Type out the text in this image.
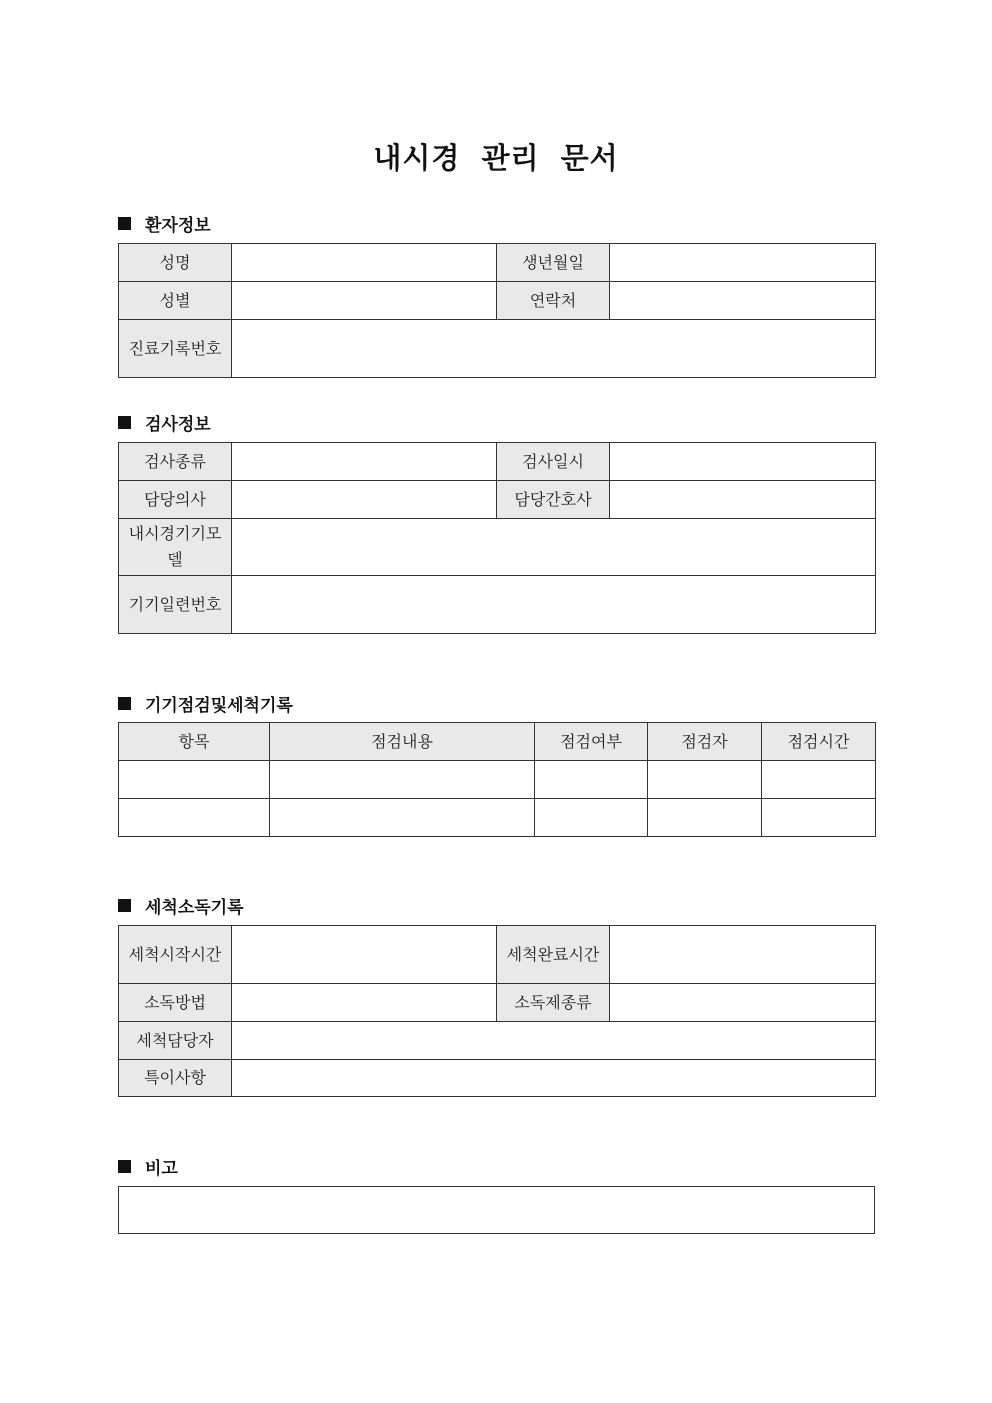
내시경 관리 문서
환자정보
성명		생년월일	
성별		연락처	
진료기록번호			
검사정보
검사종류		검사일시	
담당의사		담당간호사	
내시경기기모델			
기기일련번호			
기기점검및세척기록
항목	점검내용	점검여부	점검자	점검시간

세척소독기록
세척시작시간		세척완료시간	
소독방법		소독제종류	
세척담당자			
특이사항			
비고
